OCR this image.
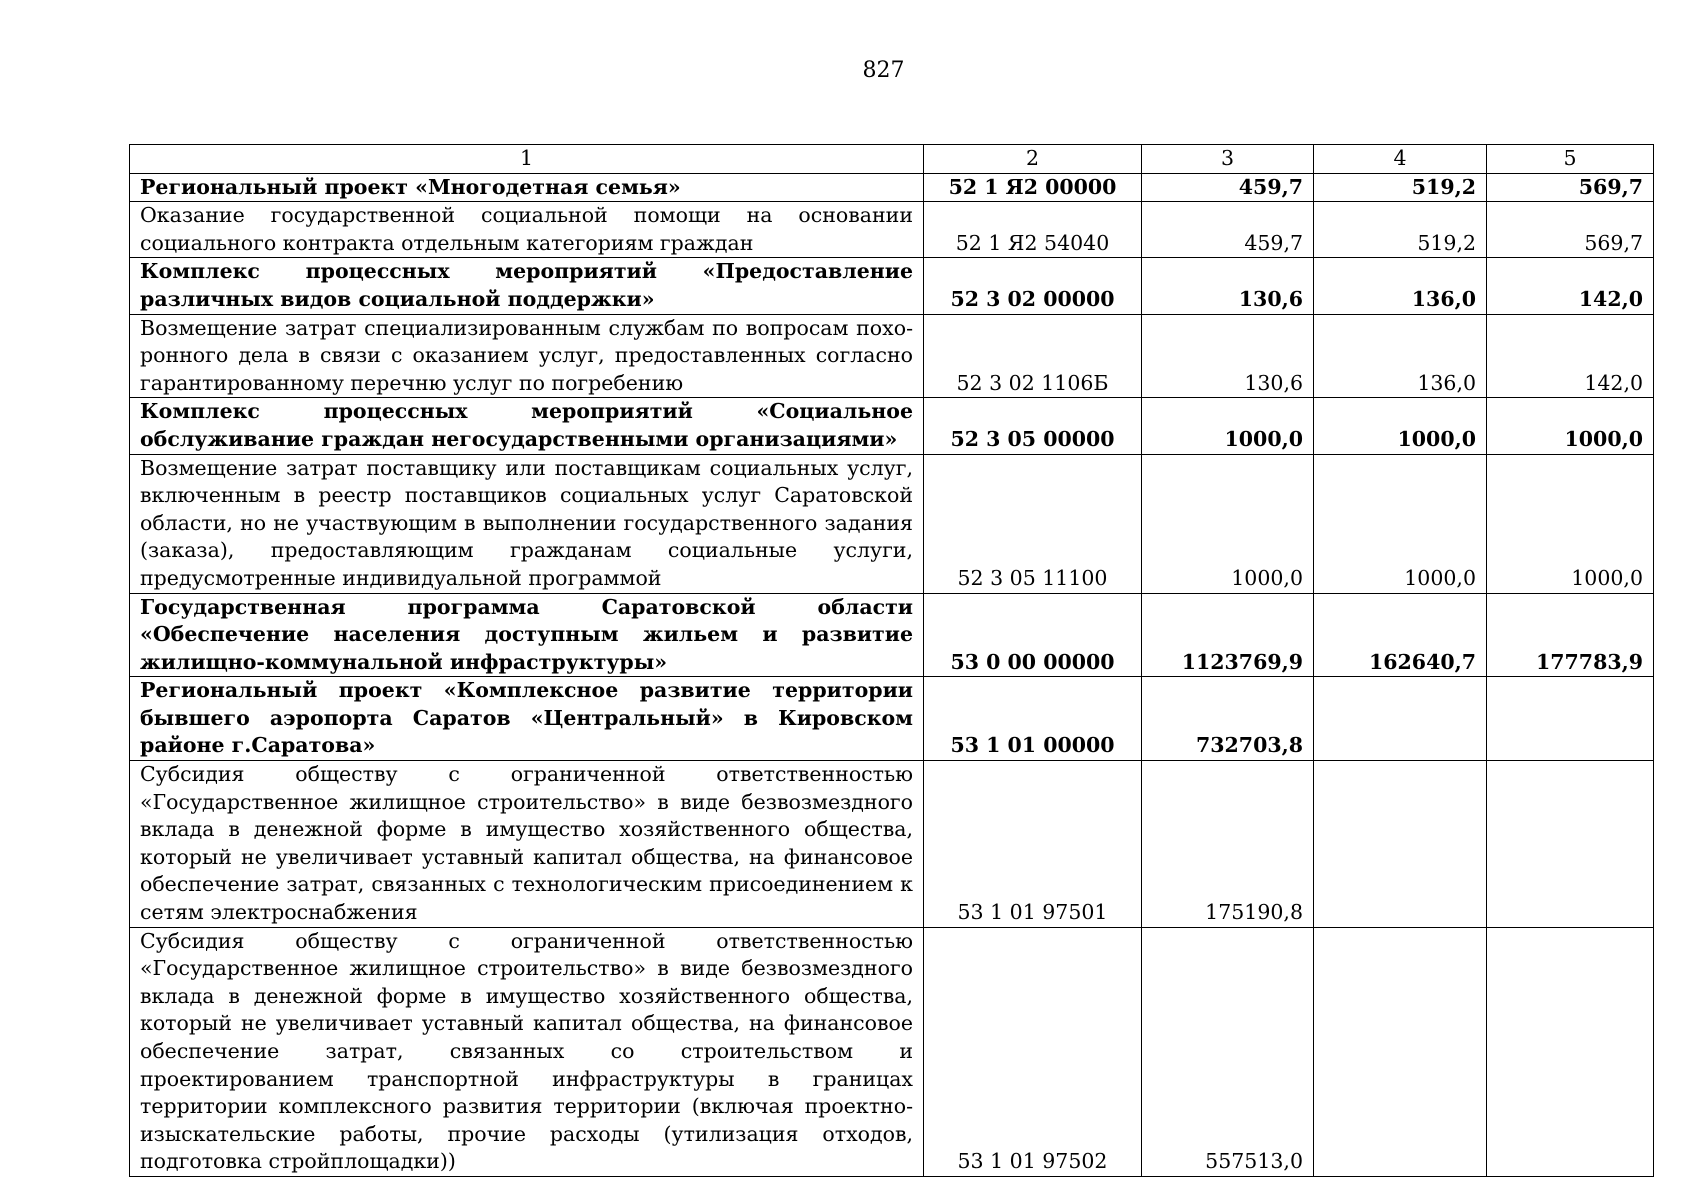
827
1	2	3	4	5
Региональный проект «Многодетная семья»	52 1 Я2 00000	459,7	519,2	569,7
Оказание государственной социальной помощи на основании социального контракта отдельным категориям граждан	52 1 Я2 54040	459,7	519,2	569,7
Комплекс процессных мероприятий «Предоставление различных видов социальной поддержки»	52 3 02 00000	130,6	136,0	142,0
Возмещение затрат специализированным службам по вопросам похоронного дела в связи с оказанием услуг, предоставленных согласно гарантированному перечню услуг по погребению	52 3 02 1106Б	130,6	136,0	142,0
Комплекс процессных мероприятий «Социальное обслуживание граждан негосударственными организациями»	52 3 05 00000	1000,0	1000,0	1000,0
Возмещение затрат поставщику или поставщикам социальных услуг, включенным в реестр поставщиков социальных услуг Саратовской области, но не участвующим в выполнении государственного задания (заказа), предоставляющим гражданам социальные услуги, предусмотренные индивидуальной программой	52 3 05 11100	1000,0	1000,0	1000,0
Государственная программа Саратовской области «Обеспечение населения доступным жильем и развитие жилищно-коммунальной инфраструктуры»	53 0 00 00000	1123769,9	162640,7	177783,9
Региональный проект «Комплексное развитие территории бывшего аэропорта Саратов «Центральный» в Кировском районе г.Саратова»	53 1 01 00000	732703,8		
Субсидия обществу с ограниченной ответственностью «Государственное жилищное строительство» в виде безвозмездного вклада в денежной форме в имущество хозяйственного общества, который не увеличивает уставный капитал общества, на финансовое обеспечение затрат, связанных с технологическим присоединением к сетям электроснабжения	53 1 01 97501	175190,8		
Субсидия обществу с ограниченной ответственностью «Государственное жилищное строительство» в виде безвозмездного вклада в денежной форме в имущество хозяйственного общества, который не увеличивает уставный капитал общества, на финансовое обеспечение затрат, связанных со строительством и проектированием транспортной инфраструктуры в границах территории комплексного развития территории (включая проектно-изыскательские работы, прочие расходы (утилизация отходов, подготовка стройплощадки))	53 1 01 97502	557513,0		
